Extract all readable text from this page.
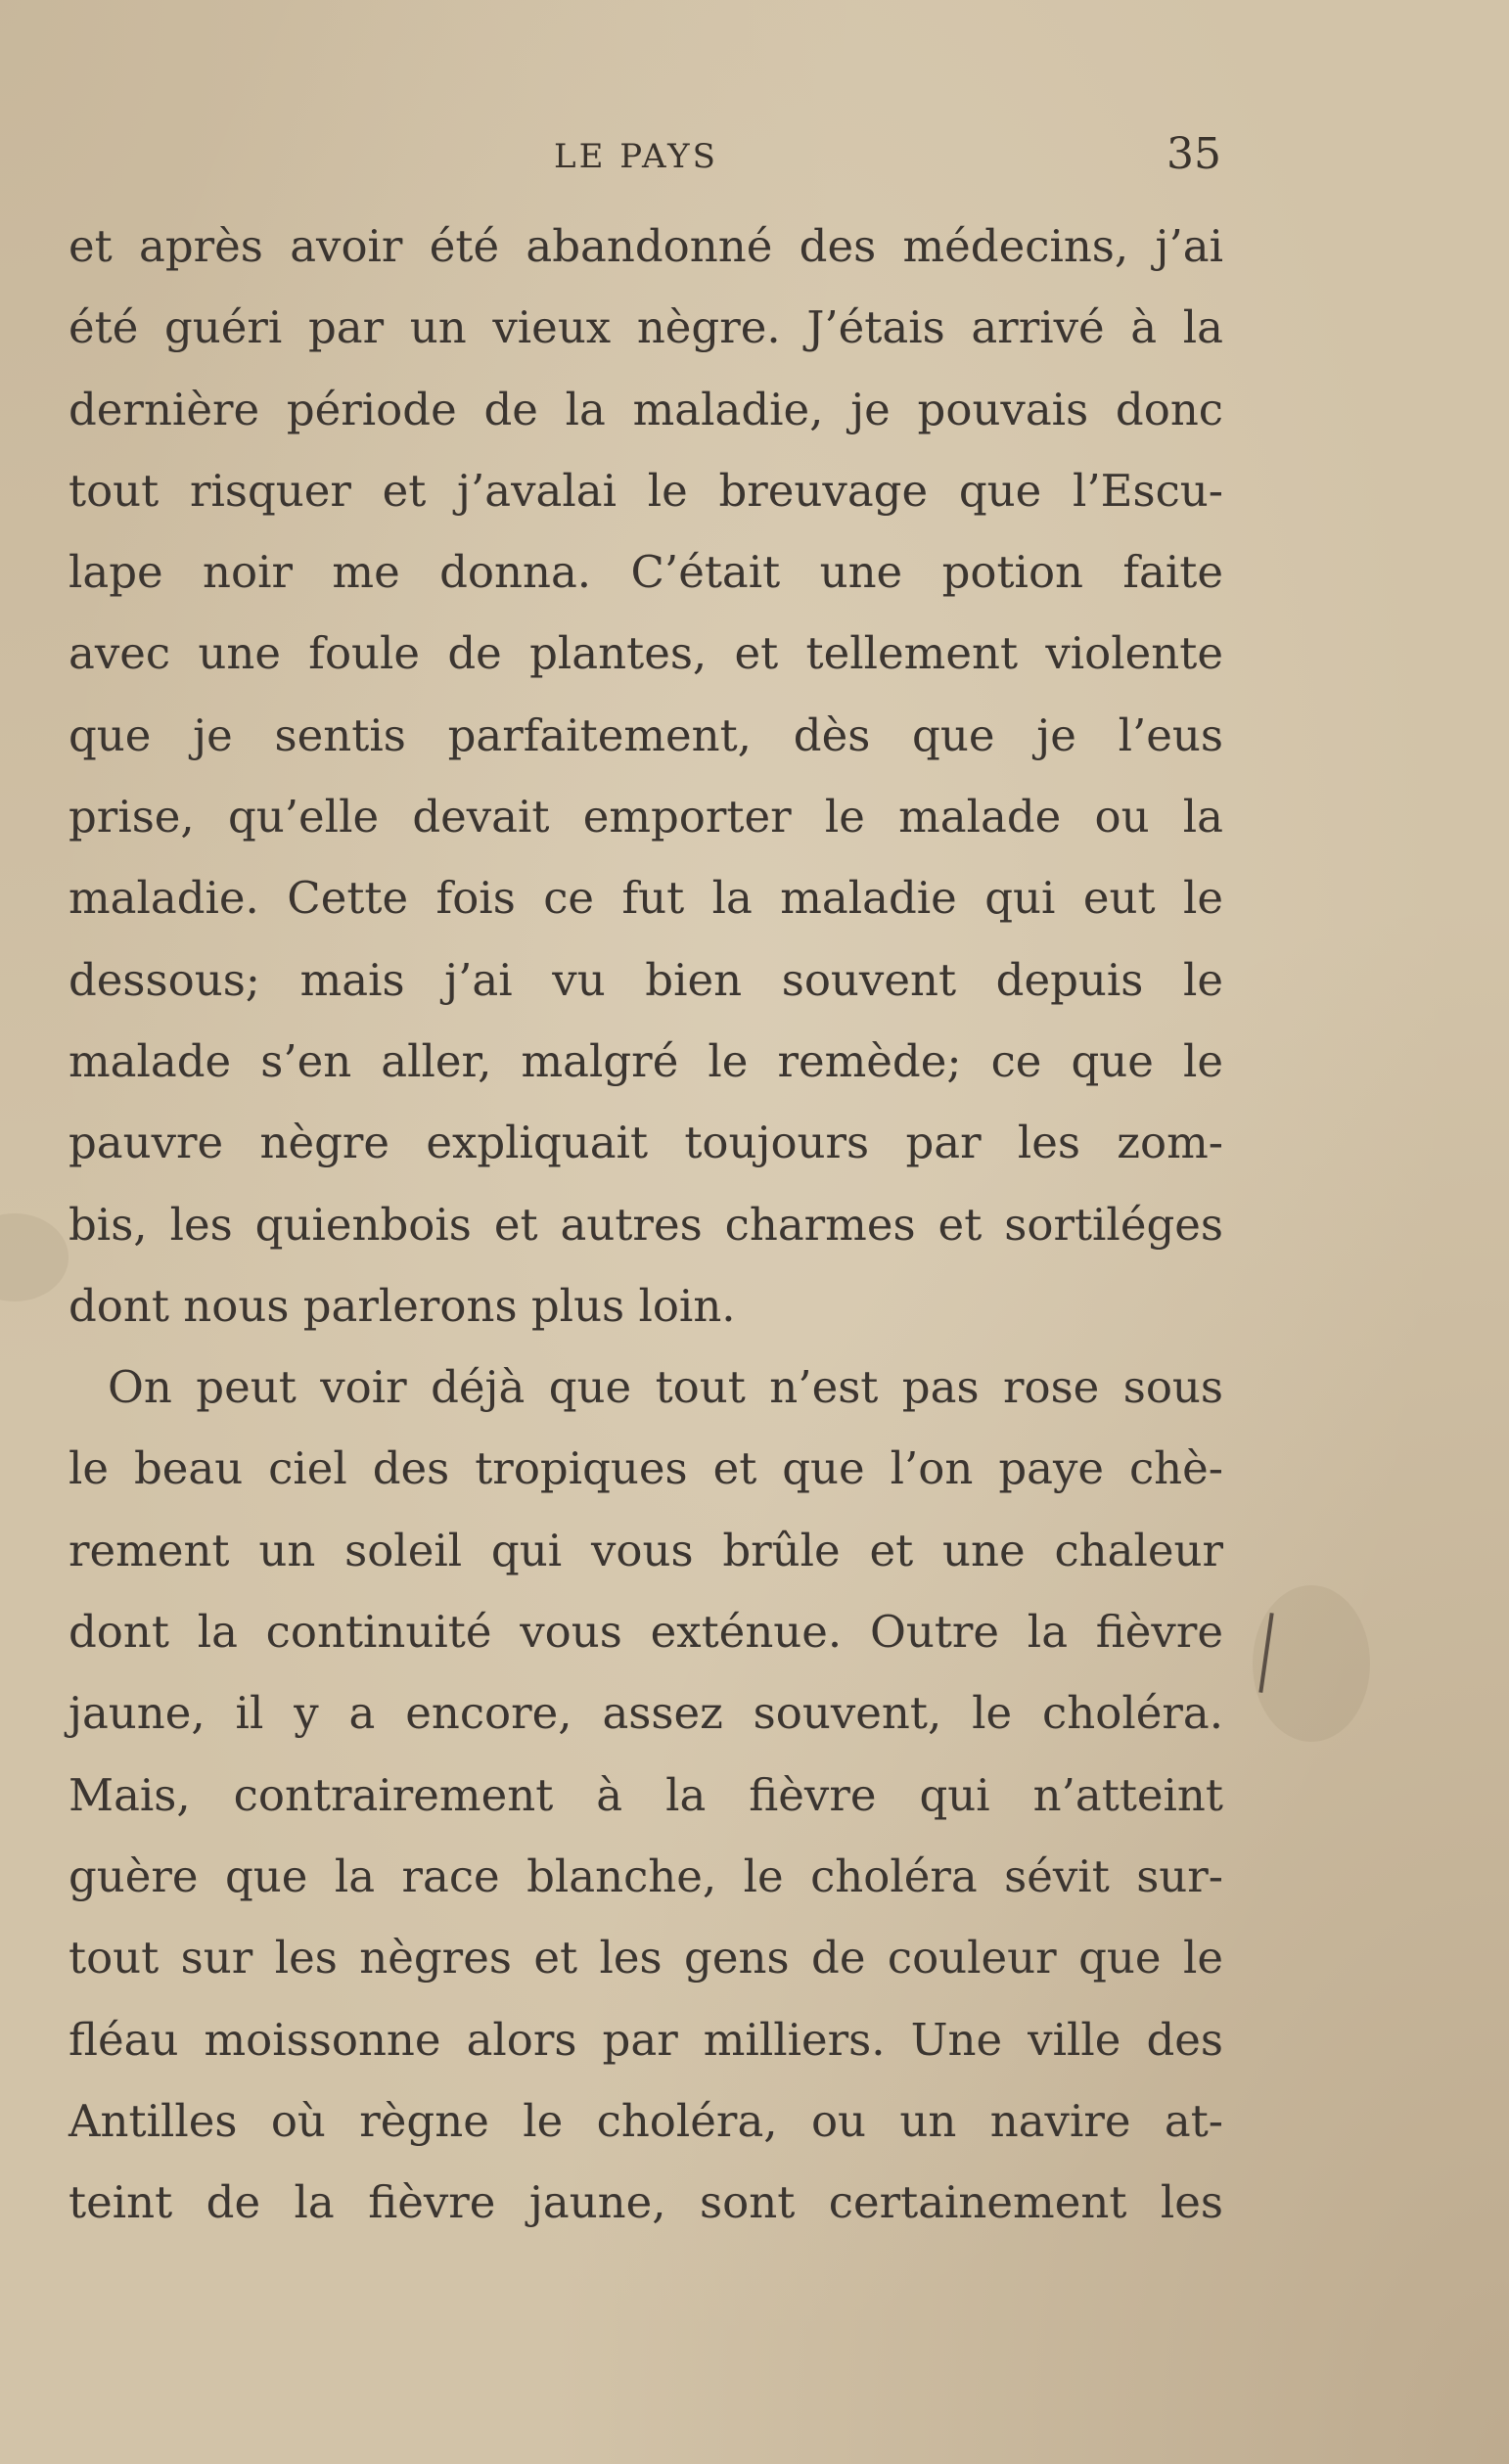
LE PAYS	35
et après avoir été abandonné des médecins, j’ai
été guéri par un vieux nègre. J’étais arrivé à la
dernière période de la maladie, je pouvais donc
tout risquer et j’avalai le breuvage que l’Escu-
lape noir me donna. C’était une potion faite
avec une foule de plantes, et tellement violente
que je sentis parfaitement, dès que je l’eus
prise, qu’elle devait emporter le malade ou la
maladie. Cette fois ce fut la maladie qui eut le
dessous; mais j’ai vu bien souvent depuis le
malade s’en aller, malgré le remède; ce que le
pauvre nègre expliquait toujours par les zom-
bis, les quienbois et autres charmes et sortiléges
dont nous parlerons plus loin.
On peut voir déjà que tout n’est pas rose sous
le beau ciel des tropiques et que l’on paye chè-
rement un soleil qui vous brûle et une chaleur
dont la continuité vous exténue. Outre la fièvre
jaune, il y a encore, assez souvent, le choléra.
Mais, contrairement à la fièvre qui n’atteint
guère que la race blanche, le choléra sévit sur-
tout sur les nègres et les gens de couleur que le
fléau moissonne alors par milliers. Une ville des
Antilles où règne le choléra, ou un navire at-
teint de la fièvre jaune, sont certainement les
